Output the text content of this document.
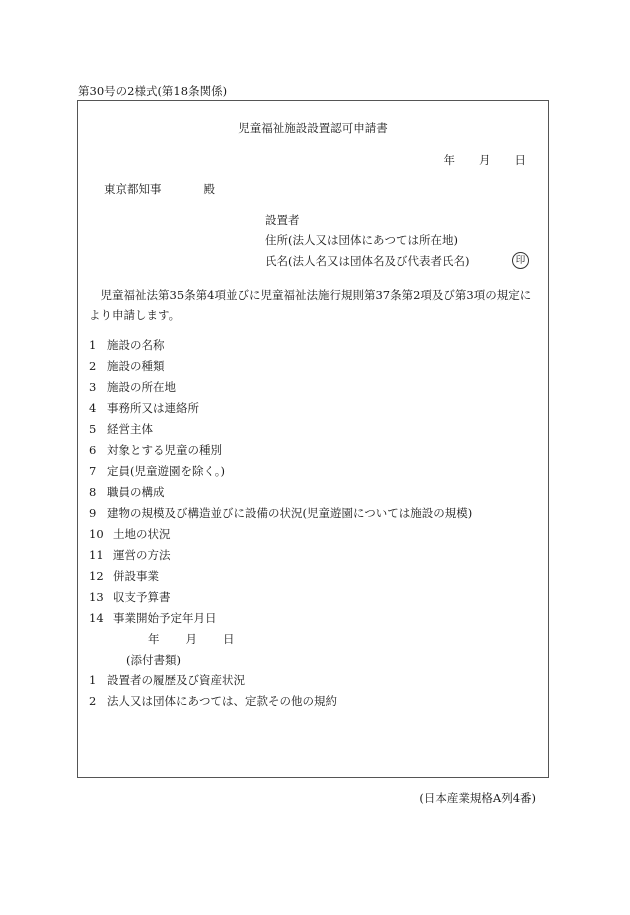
第30号の2様式(第18条関係)
児童福祉施設設置認可申請書
年 月 日
東京都知事	殿
設置者
住所(法人又は団体にあつては所在地)
氏名(法人名又は団体名及び代表者氏名)	印
児童福祉法第35条第4項並びに児童福祉法施行規則第37条第2項及び第3項の規定により申請します。
1 施設の名称
2 施設の種類
3 施設の所在地
4 事務所又は連絡所
5 経営主体
6 対象とする児童の種別
7 定員(児童遊園を除く。)
8 職員の構成
9 建物の規模及び構造並びに設備の状況(児童遊園については施設の規模)
10 土地の状況
11 運営の方法
12 併設事業
13 収支予算書
14 事業開始予定年月日
年 月 日
(添付書類)
1 設置者の履歴及び資産状況
2 法人又は団体にあつては、定款その他の規約
(日本産業規格A列4番)
